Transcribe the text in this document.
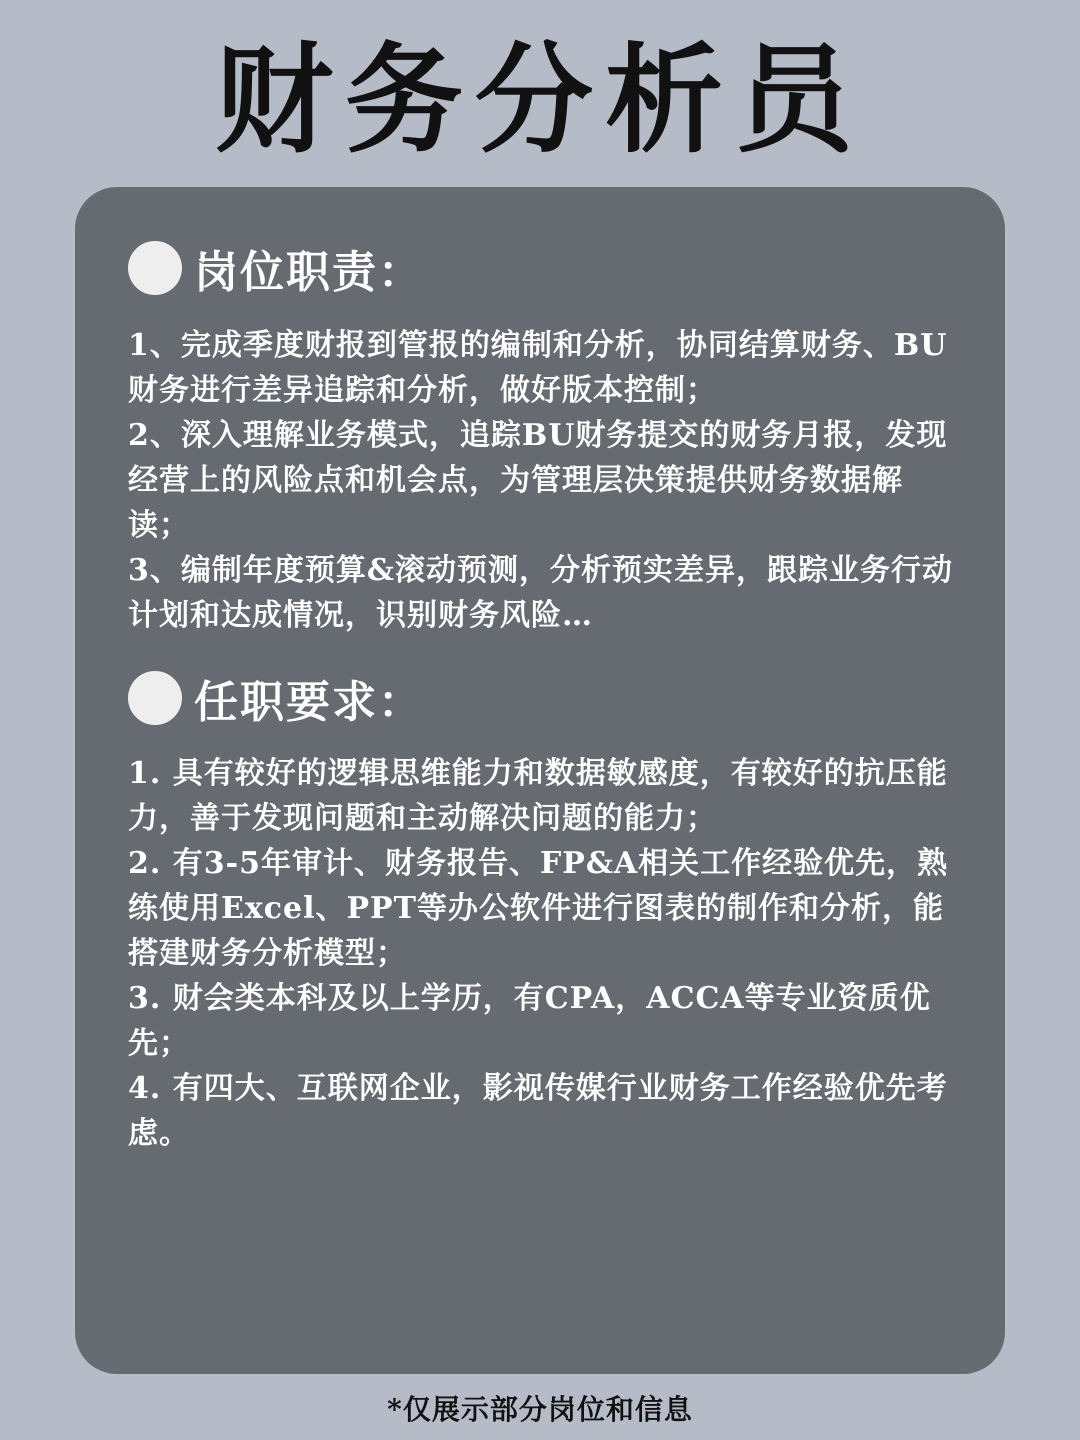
财务分析员
岗位职责：

1、完成季度财报到管报的编制和分析，协同结算财务、BU财务进行差异追踪和分析，做好版本控制；

2、深入理解业务模式，追踪BU财务提交的财务月报，发现经营上的风险点和机会点，为管理层决策提供财务数据解读；

3、编制年度预算&滚动预测，分析预实差异，跟踪业务行动计划和达成情况，识别财务风险…

任职要求：

1. 具有较好的逻辑思维能力和数据敏感度，有较好的抗压能力，善于发现问题和主动解决问题的能力；

2. 有3-5年审计、财务报告、FP&A相关工作经验优先，熟练使用Excel、PPT等办公软件进行图表的制作和分析，能搭建财务分析模型；

3. 财会类本科及以上学历，有CPA，ACCA等专业资质优先；

4. 有四大、互联网企业，影视传媒行业财务工作经验优先考虑。

*仅展示部分岗位和信息
